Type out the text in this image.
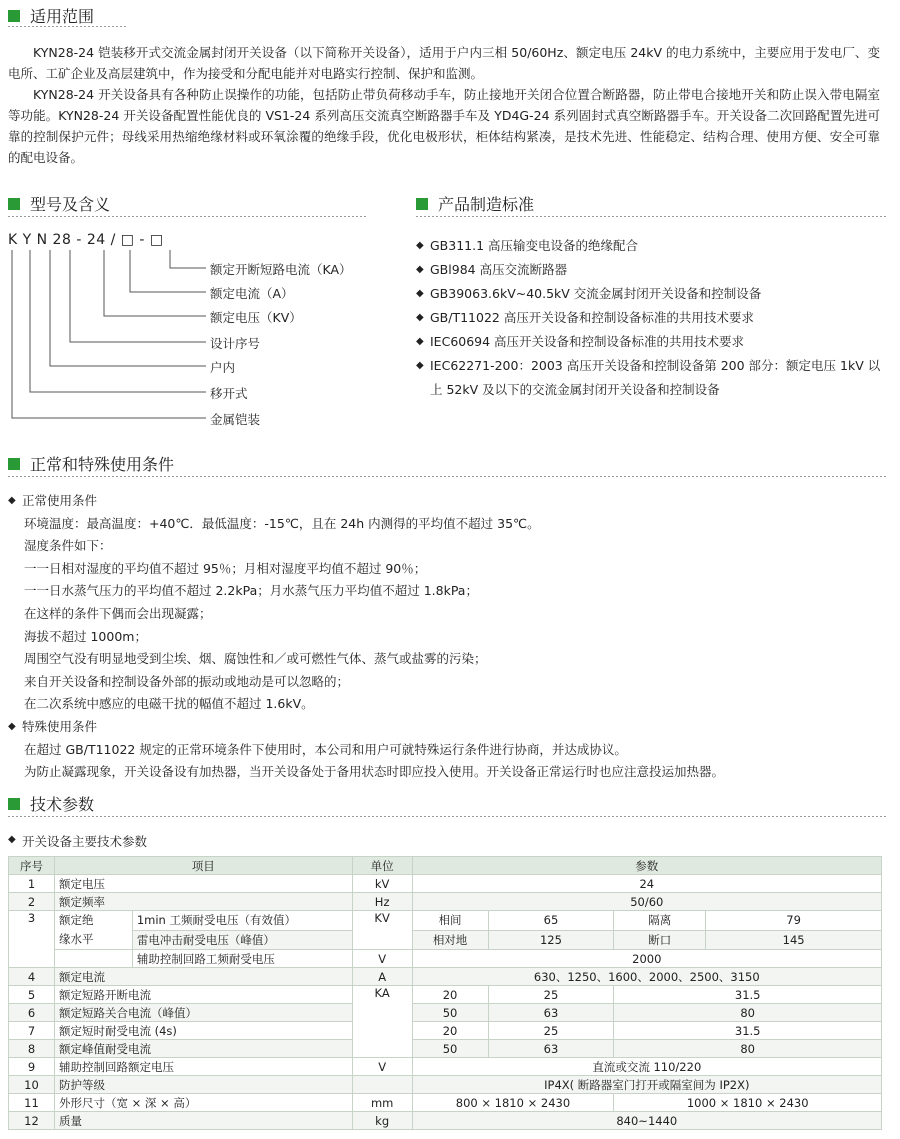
适用范围

KYN28-24 铠装移开式交流金属封闭开关设备（以下简称开关设备），适用于户内三相 50/60Hz、额定电压 24kV 的电力系统中，主要应用于发电厂、变电所、工矿企业及高层建筑中，作为接受和分配电能并对电路实行控制、保护和监测。

KYN28-24 开关设备具有各种防止误操作的功能，包括防止带负荷移动手车，防止接地开关闭合位置合断路器，防止带电合接地开关和防止误入带电隔室等功能。KYN28-24 开关设备配置性能优良的 VS1-24 系列高压交流真空断路器手车及 YD4G-24 系列固封式真空断路器手车。开关设备二次回路配置先进可靠的控制保护元件；母线采用热缩绝缘材料或环氧涂覆的绝缘手段，优化电极形状，柜体结构紧凑，是技术先进、性能稳定、结构合理、使用方便、安全可靠的配电设备。

型号及含义
K Y N 28 - 24 / □ - □
额定开断短路电流（KA）
额定电流（A）
额定电压（KV）
设计序号
户内
移开式
金属铠装
产品制造标准
◆ GB311.1 高压输变电设备的绝缘配合
◆ GBl984 高压交流断路器
◆ GB39063.6kV~40.5kV 交流金属封闭开关设备和控制设备
◆ GB/T11022 高压开关设备和控制设备标准的共用技术要求
◆ IEC60694 高压开关设备和控制设备标准的共用技术要求
◆ IEC62271-200：2003 高压开关设备和控制设备第 200 部分：额定电压 1kV 以上 52kV 及以下的交流金属封闭开关设备和控制设备
正常和特殊使用条件
◆ 正常使用条件
环境温度：最高温度：+40℃．最低温度：-15℃，且在 24h 内测得的平均值不超过 35℃。
湿度条件如下：
一一日相对湿度的平均值不超过 95％；月相对湿度平均值不超过 90％；
一一日水蒸气压力的平均值不超过 2.2kPa；月水蒸气压力平均值不超过 1.8kPa；
在这样的条件下偶而会出现凝露；
海拔不超过 1000m；
周围空气没有明显地受到尘埃、烟、腐蚀性和／或可燃性气体、蒸气或盐雾的污染；
来自开关设备和控制设备外部的振动或地动是可以忽略的；
在二次系统中感应的电磁干扰的幅值不超过 1.6kV。
◆ 特殊使用条件
在超过 GB/T11022 规定的正常环境条件下使用时，本公司和用户可就特殊运行条件进行协商，并达成协议。
为防止凝露现象，开关设备设有加热器，当开关设备处于备用状态时即应投入使用。开关设备正常运行时也应注意投运加热器。
技术参数
◆ 开关设备主要技术参数
序号	项目		单位	参数			
1	额定电压		kV	24			
2	额定频率		Hz	50/60			
3	额定绝
缘水平	1min 工频耐受电压（有效值）	KV	相间	65	隔离	79
		雷电冲击耐受电压（峰值）		相对地	125	断口	145
		辅助控制回路工频耐受电压	V	2000			
4	额定电流		A	630、1250、1600、2000、2500、3150			
5	额定短路开断电流		KA	20	25	31.5	
6	额定短路关合电流（峰值）			50	63	80	
7	额定短时耐受电流 (4s)			20	25	31.5	
8	额定峰值耐受电流			50	63	80	
9	辅助控制回路额定电压		V	直流或交流 110/220			
10	防护等级			IP4X( 断路器室门打开或隔室间为 IP2X)			
11	外形尺寸（宽 × 深 × 高）		mm	800 × 1810 × 2430		1000 × 1810 × 2430	
12	质量		kg	840~1440			
